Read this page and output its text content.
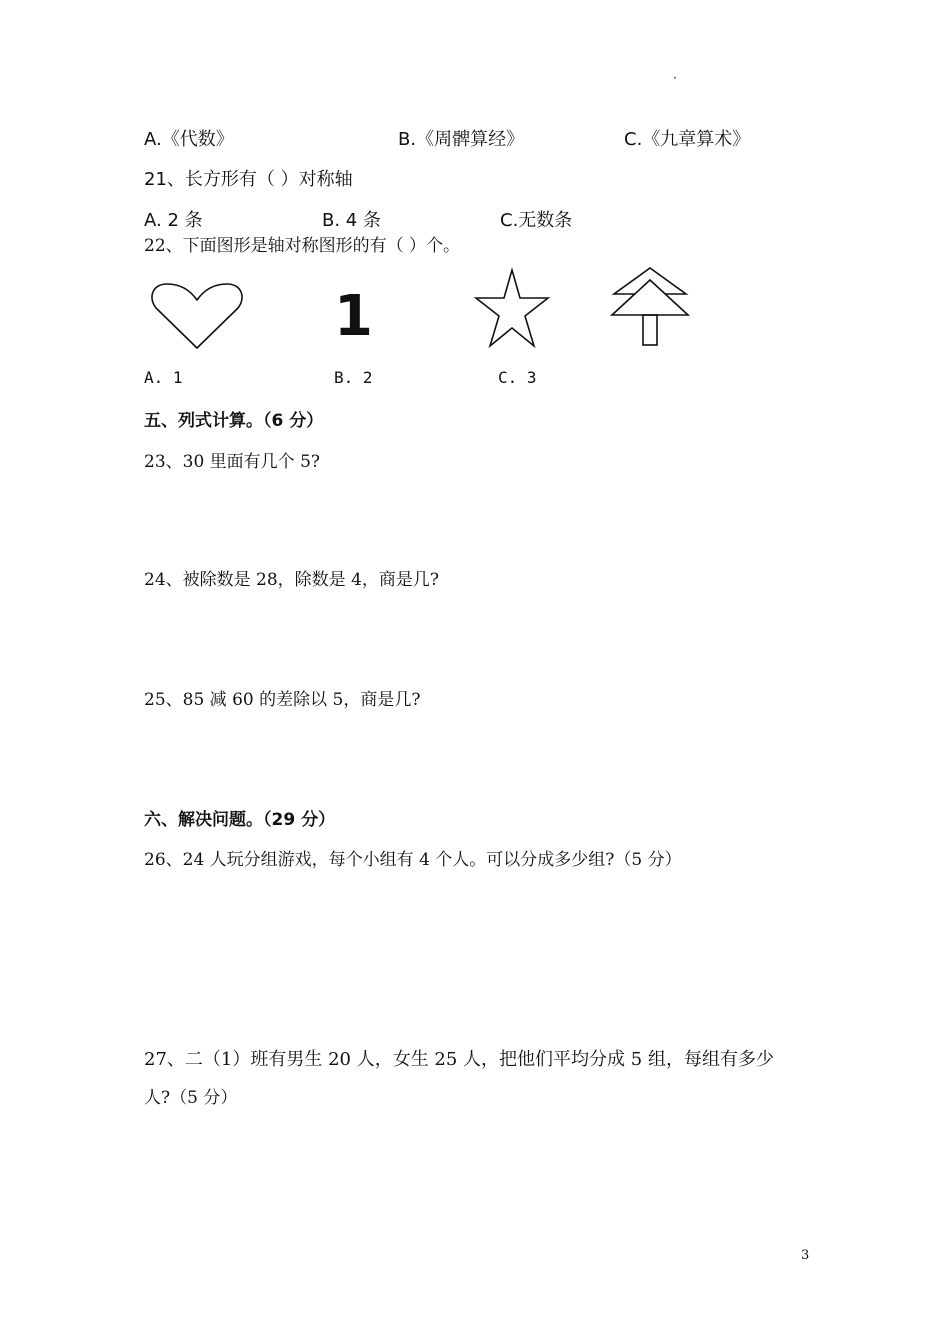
·
A.《代数》	B.《周髀算经》	C.《九章算术》
21、长方形有（ ）对称轴
A. 2 条	B. 4 条	C.无数条
22、下面图形是轴对称图形的有（ ）个。
1
A. 1	B. 2	C. 3
五、列式计算。（6 分）
23、30 里面有几个 5?
24、被除数是 28，除数是 4，商是几?
25、85 减 60 的差除以 5，商是几?
六、解决问题。（29 分）
26、24 人玩分组游戏，每个小组有 4 个人。可以分成多少组?（5 分）
27、二（1）班有男生 20 人，女生 25 人，把他们平均分成 5 组，每组有多少
人?（5 分）
3
